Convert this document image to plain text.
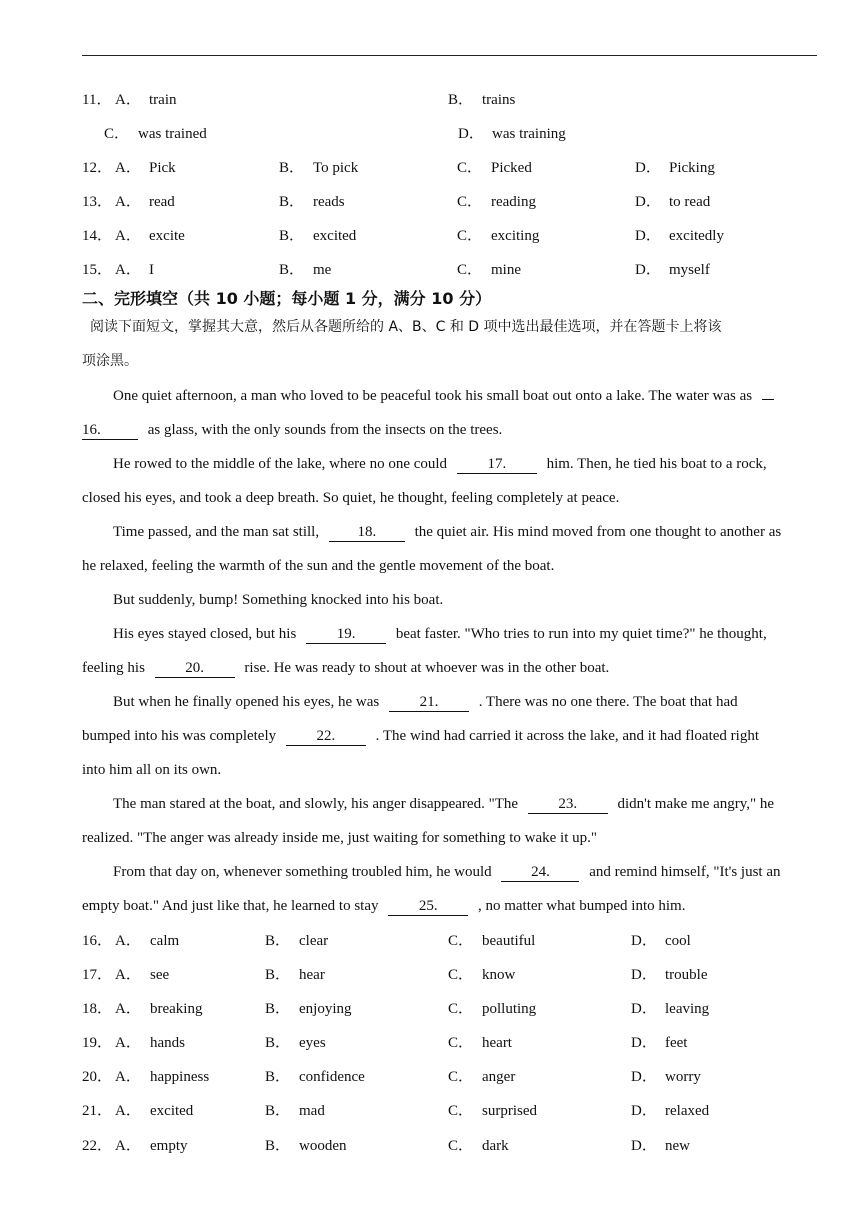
11． A． train	B． trains
C． was trained	D． was training
12． A． Pick	B． To pick	C． Picked	D． Picking
13． A． read	B． reads	C． reading	D． to read
14． A． excite	B． excited	C． exciting	D． excitedly
15． A． I	B． me	C． mine	D． myself
二、完形填空（共 10 小题；每小题 1 分，满分 10 分）
阅读下面短文，掌握其大意，然后从各题所给的 A、B、C 和 D 项中选出最佳选项，并在答题卡上将该
项涂黑。
One quiet afternoon, a man who loved to be peaceful took his small boat out onto a lake. The water was as
16.	as glass, with the only sounds from the insects on the trees.
He rowed to the middle of the lake, where no one could	17.	him. Then, he tied his boat to a rock,
closed his eyes, and took a deep breath. So quiet, he thought, feeling completely at peace.
Time passed, and the man sat still,	18.	the quiet air. His mind moved from one thought to another as
he relaxed, feeling the warmth of the sun and the gentle movement of the boat.
But suddenly, bump! Something knocked into his boat.
His eyes stayed closed, but his	19.	beat faster. "Who tries to run into my quiet time?" he thought,
feeling his	20.	rise. He was ready to shout at whoever was in the other boat.
But when he finally opened his eyes, he was	21.	. There was no one there. The boat that had
bumped into his was completely	22.	. The wind had carried it across the lake, and it had floated right
into him all on its own.
The man stared at the boat, and slowly, his anger disappeared. "The	23.	didn't make me angry," he
realized. "The anger was already inside me, just waiting for something to wake it up."
From that day on, whenever something troubled him, he would	24.	and remind himself, "It's just an
empty boat." And just like that, he learned to stay	25.	, no matter what bumped into him.
16． A． calm	B． clear	C． beautiful	D． cool
17． A． see	B． hear	C． know	D． trouble
18． A． breaking	B． enjoying	C． polluting	D． leaving
19． A． hands	B． eyes	C． heart	D． feet
20． A． happiness	B． confidence	C． anger	D． worry
21． A． excited	B． mad	C． surprised	D． relaxed
22． A． empty	B． wooden	C． dark	D． new
